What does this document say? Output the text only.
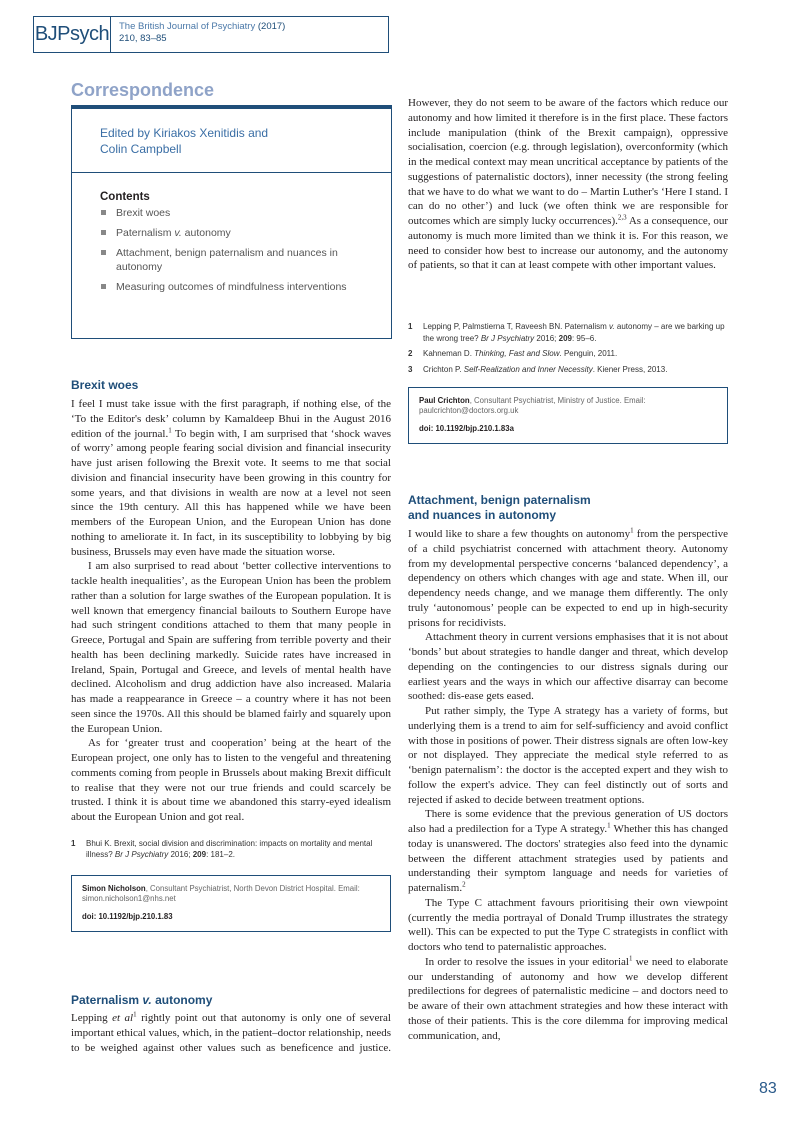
BJPsych The British Journal of Psychiatry (2017)
210, 83–85
Correspondence
Edited by Kiriakos Xenitidis and
Colin Campbell
Contents
Brexit woes
Paternalism v. autonomy
Attachment, benign paternalism and nuances in autonomy
Measuring outcomes of mindfulness interventions
Brexit woes

I feel I must take issue with the first paragraph, if nothing else, of the ‘To the Editor's desk’ column by Kamaldeep Bhui in the August 2016 edition of the journal.$^1$ To begin with, I am surprised that ‘shock waves of worry’ among people fearing social division and financial insecurity have just arisen following the Brexit vote. It seems to me that social division and financial insecurity have been growing in this country for some years, and that divisions in wealth are now at a level not seen since the 19th century. All this has happened while we have been members of the European Union, and the European Union has done nothing to ameliorate it. In fact, in its susceptibility to lobbying by big business, Brussels may even have made the situation worse.

I am also surprised to read about ‘better collective interventions to tackle health inequalities’, as the European Union has been the problem rather than a solution for large swathes of the European population. It is well known that emergency financial bailouts to Southern Europe have had such stringent conditions attached to them that many people in Greece, Portugal and Spain are suffering from terrible poverty and their health has been declining markedly. Suicide rates have increased in Ireland, Spain, Portugal and Greece, and levels of mental health have declined. Alcoholism and drug addiction have also increased. Malaria has made a reappearance in Greece – a country where it has not been seen since the 1970s. All this should be blamed fairly and squarely upon the European Union.

As for ‘greater trust and cooperation’ being at the heart of the European project, one only has to listen to the vengeful and threatening comments coming from people in Brussels about making Brexit difficult to realise that they were not our true friends and could scarcely be trusted. I think it is about time we abandoned this starry-eyed idealism about the European Union and got real.

1 Bhui K. Brexit, social division and discrimination: impacts on mortality and mental illness? Br J Psychiatry 2016; 209: 181–2.
Simon Nicholson, Consultant Psychiatrist, North Devon District Hospital. Email: simon.nicholson1@nhs.net
doi: 10.1192/bjp.210.1.83
Paternalism v. autonomy

Lepping et $al^1$ rightly point out that autonomy is only one of several important ethical values, which, in the patient–doctor relationship, needs to be weighed against other values such as beneficence and justice.

However, they do not seem to be aware of the factors which reduce our autonomy and how limited it therefore is in the first place. These factors include manipulation (think of the Brexit campaign), oppressive socialisation, coercion (e.g. through legislation), overconformity (which in the medical context may mean uncritical acceptance by patients of the suggestions of paternalistic doctors), inner necessity (the strong feeling that we have to do what we want to do – Martin Luther's ‘Here I stand. I can do no other’) and luck (we often think we are responsible for outcomes which are simply lucky occurrences).$^{2,3}$ As a consequence, our autonomy is much more limited than we think it is. For this reason, we need to consider how best to increase our autonomy, and the autonomy of patients, so that it can at least compete with other important values.

1 Lepping P, Palmstierna T, Raveesh BN. Paternalism v. autonomy – are we barking up the wrong tree? Br J Psychiatry 2016; 209: 95–6.
2 Kahneman D. Thinking, Fast and Slow. Penguin, 2011.
3 Crichton P. Self-Realization and Inner Necessity. Kiener Press, 2013.
Paul Crichton, Consultant Psychiatrist, Ministry of Justice. Email: paulcrichton@doctors.org.uk
doi: 10.1192/bjp.210.1.83a
Attachment, benign paternalism
and nuances in autonomy

I would like to share a few thoughts on autonomy$^1$ from the perspective of a child psychiatrist concerned with attachment theory. Autonomy from my developmental perspective concerns ‘balanced dependency’, a dependency on others which changes with age and state. When ill, our dependency needs change, and we manage them differently. The only truly ‘autonomous’ people can be expected to end up in high-security prisons for recidivists.

Attachment theory in current versions emphasises that it is not about ‘bonds’ but about strategies to handle danger and threat, which develop depending on the contingencies to our distress signals during our earliest years and the ways in which our affective disarray can become soothed: dis-ease gets eased.

Put rather simply, the Type A strategy has a variety of forms, but underlying them is a trend to aim for self-sufficiency and avoid conflict with those in positions of power. Their distress signals are often low-key or not displayed. They appreciate the medical style referred to as ‘benign paternalism’: the doctor is the accepted expert and they wish to follow the expert's advice. They can feel distinctly out of sorts and rejected if asked to decide between treatment options.

There is some evidence that the previous generation of US doctors also had a predilection for a Type A strategy.$^1$ Whether this has changed today is unanswered. The doctors' strategies also feed into the dynamic between the different attachment strategies used by patients and understanding their symptom language and needs for varieties of paternalism.$^2$

The Type C attachment favours prioritising their own viewpoint (currently the media portrayal of Donald Trump illustrates the strategy well). This can be expected to put the Type C strategists in conflict with doctors who tend to paternalistic approaches.

In order to resolve the issues in your editorial$^1$ we need to elaborate our understanding of autonomy and how we develop different predilections for degrees of paternalistic medicine – and doctors need to be aware of their own attachment strategies and how these interact with those of their patients. This is the core dilemma for improving medical communication, and,

83
